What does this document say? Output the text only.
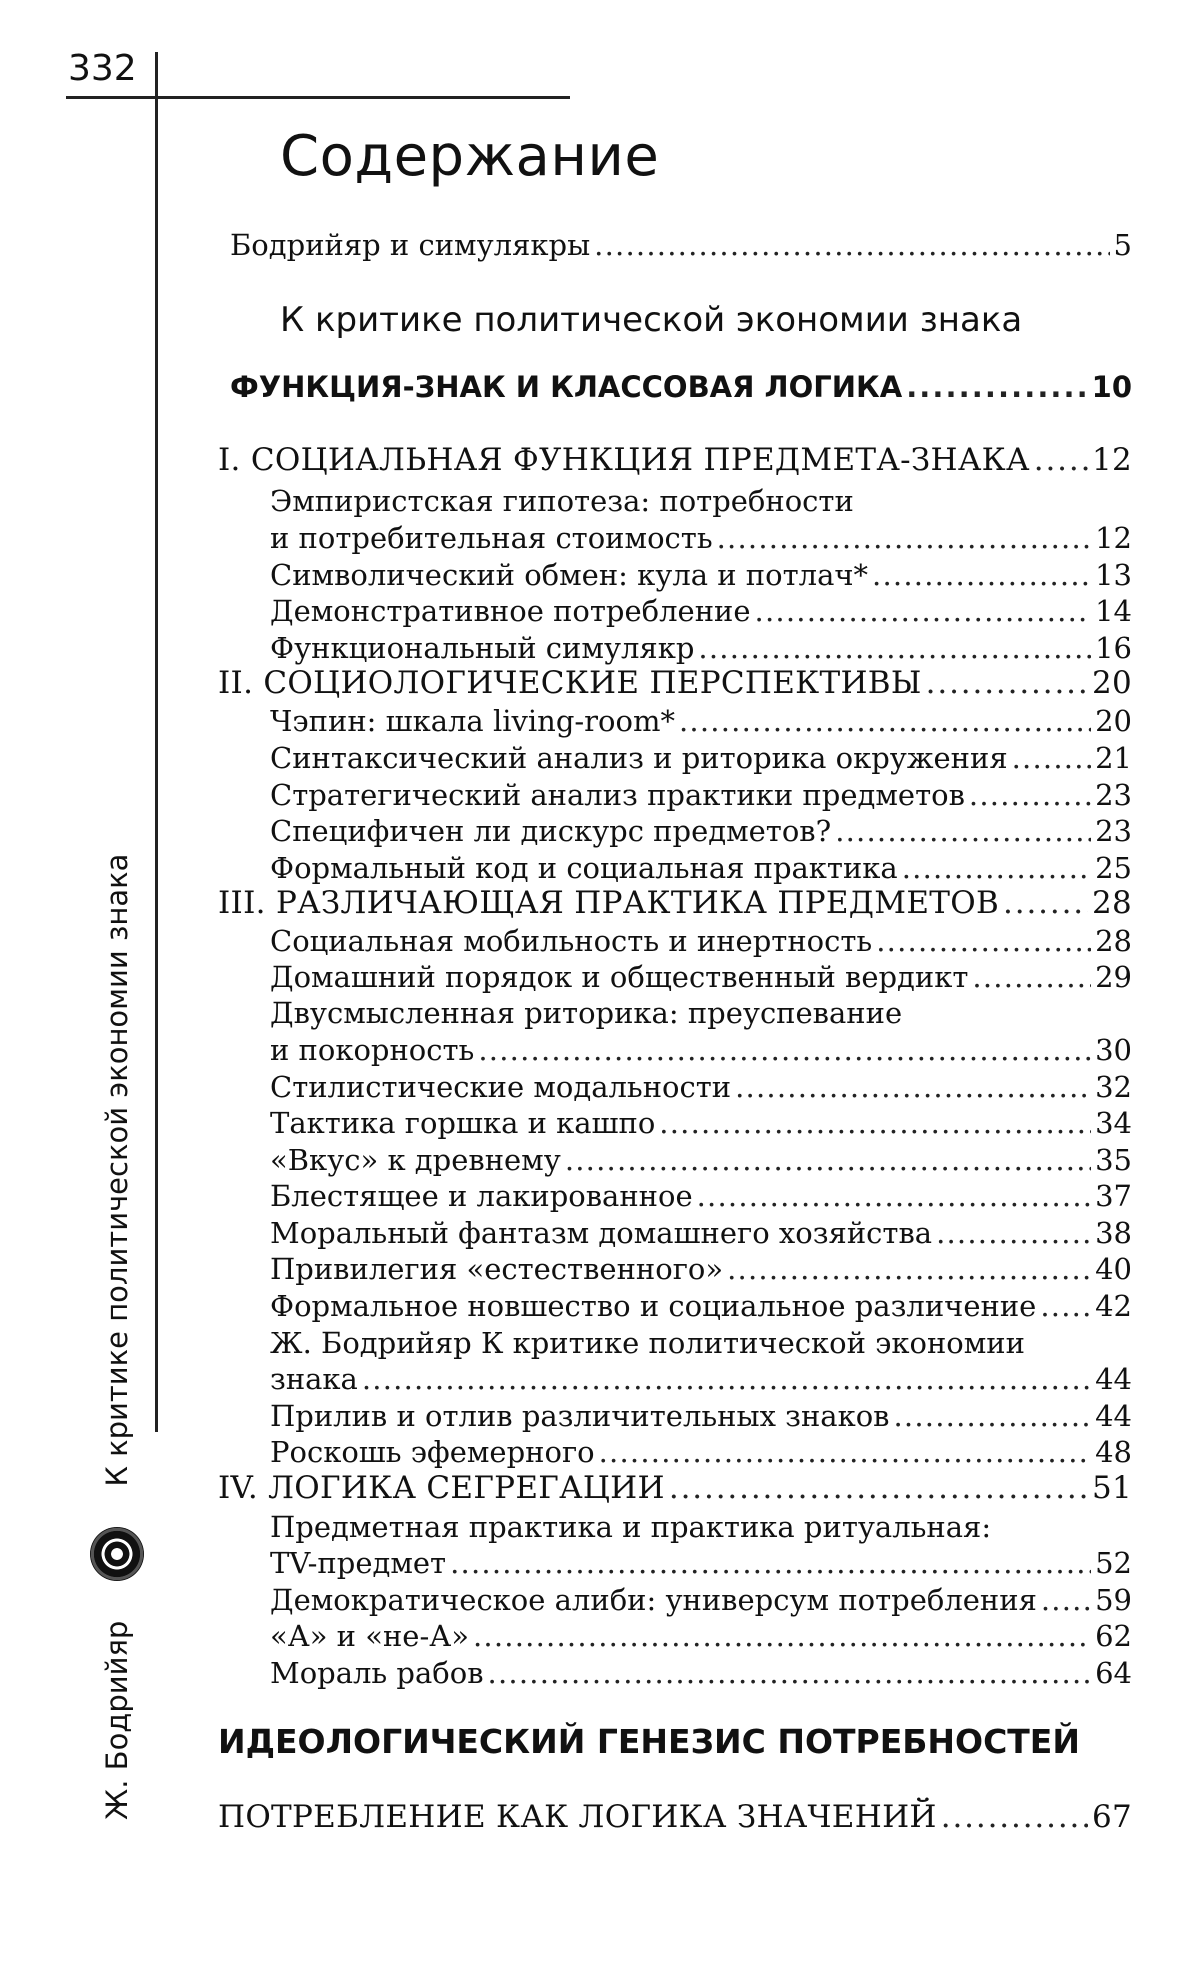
332
Ж. Бодрийяр
К критике политической экономии знака
Содержание
Бодрийяр и симулякры . . .	5
К критике политической экономии знака
ФУНКЦИЯ-ЗНАК И КЛАССОВАЯ ЛОГИКА . . .	10
I. СОЦИАЛЬНАЯ ФУНКЦИЯ ПРЕДМЕТА-ЗНАКА . . . 12
Эмпиристская гипотеза: потребности
и потребительная стоимость . . .	12
Символический обмен: кула и потлач* . . .	13
Демонстративное потребление . . .	14
Функциональный симулякр . . .	16
II. СОЦИОЛОГИЧЕСКИЕ ПЕРСПЕКТИВЫ . . .	20
Чэпин: шкала living-room* . . .	20
Синтаксический анализ и риторика окружения . . .	21
Стратегический анализ практики предметов . . .	23
Специфичен ли дискурс предметов? . . .	23
Формальный код и социальная практика . . .	25
III. РАЗЛИЧАЮЩАЯ ПРАКТИКА ПРЕДМЕТОВ . . .	28
Социальная мобильность и инертность . . .	28
Домашний порядок и общественный вердикт . . .	29
Двусмысленная риторика: преуспевание
и покорность . . .	30
Стилистические модальности . . .	32
Тактика горшка и кашпо . . .	34
«Вкус» к древнему . . .	35
Блестящее и лакированное . . .	37
Моральный фантазм домашнего хозяйства . . .	38
Привилегия «естественного» . . .	40
Формальное новшество и социальное различение . . . 42
Ж. Бодрийяр К критике политической экономии
знака . . .	44
Прилив и отлив различительных знаков . . .	44
Роскошь эфемерного . . .	48
IV. ЛОГИКА СЕГРЕГАЦИИ . . .	51
Предметная практика и практика ритуальная:
TV-предмет . . .	52
Демократическое алиби: универсум потребления . . . 59
«А» и «не-А» . . .	62
Мораль рабов . . .	64
ИДЕОЛОГИЧЕСКИЙ ГЕНЕЗИС ПОТРЕБНОСТЕЙ
ПОТРЕБЛЕНИЕ КАК ЛОГИКА ЗНАЧЕНИЙ . . .	67
